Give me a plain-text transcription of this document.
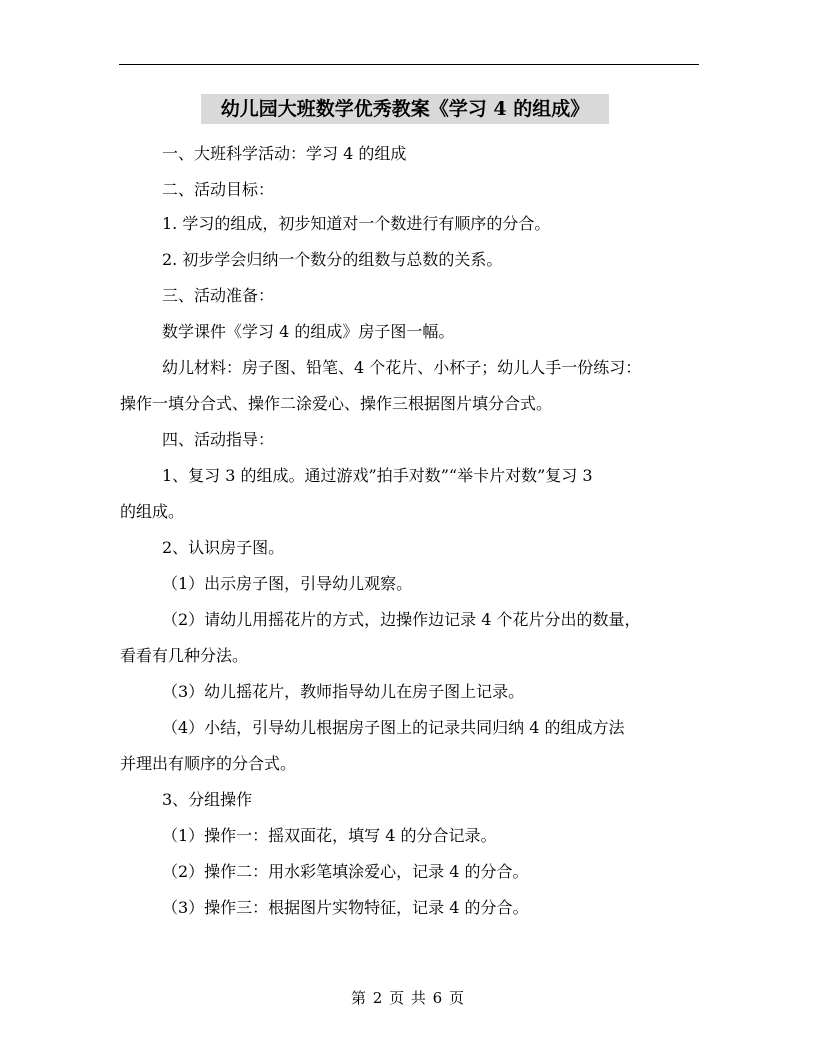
幼儿园大班数学优秀教案《学习 4 的组成》
一、大班科学活动：学习 4 的组成
二、活动目标：
1. 学习的组成，初步知道对一个数进行有顺序的分合。
2. 初步学会归纳一个数分的组数与总数的关系。
三、活动准备：
数学课件《学习 4 的组成》房子图一幅。
幼儿材料：房子图、铅笔、4 个花片、小杯子；幼儿人手一份练习：
操作一填分合式、操作二涂爱心、操作三根据图片填分合式。
四、活动指导：
1、复习 3 的组成。通过游戏”拍手对数”“举卡片对数”复习 3
的组成。
2、认识房子图。
（1）出示房子图，引导幼儿观察。
（2）请幼儿用摇花片的方式，边操作边记录 4 个花片分出的数量，
看看有几种分法。
（3）幼儿摇花片，教师指导幼儿在房子图上记录。
（4）小结，引导幼儿根据房子图上的记录共同归纳 4 的组成方法
并理出有顺序的分合式。
3、分组操作
（1）操作一：摇双面花，填写 4 的分合记录。
（2）操作二：用水彩笔填涂爱心，记录 4 的分合。
（3）操作三：根据图片实物特征，记录 4 的分合。
第 2 页 共 6 页
